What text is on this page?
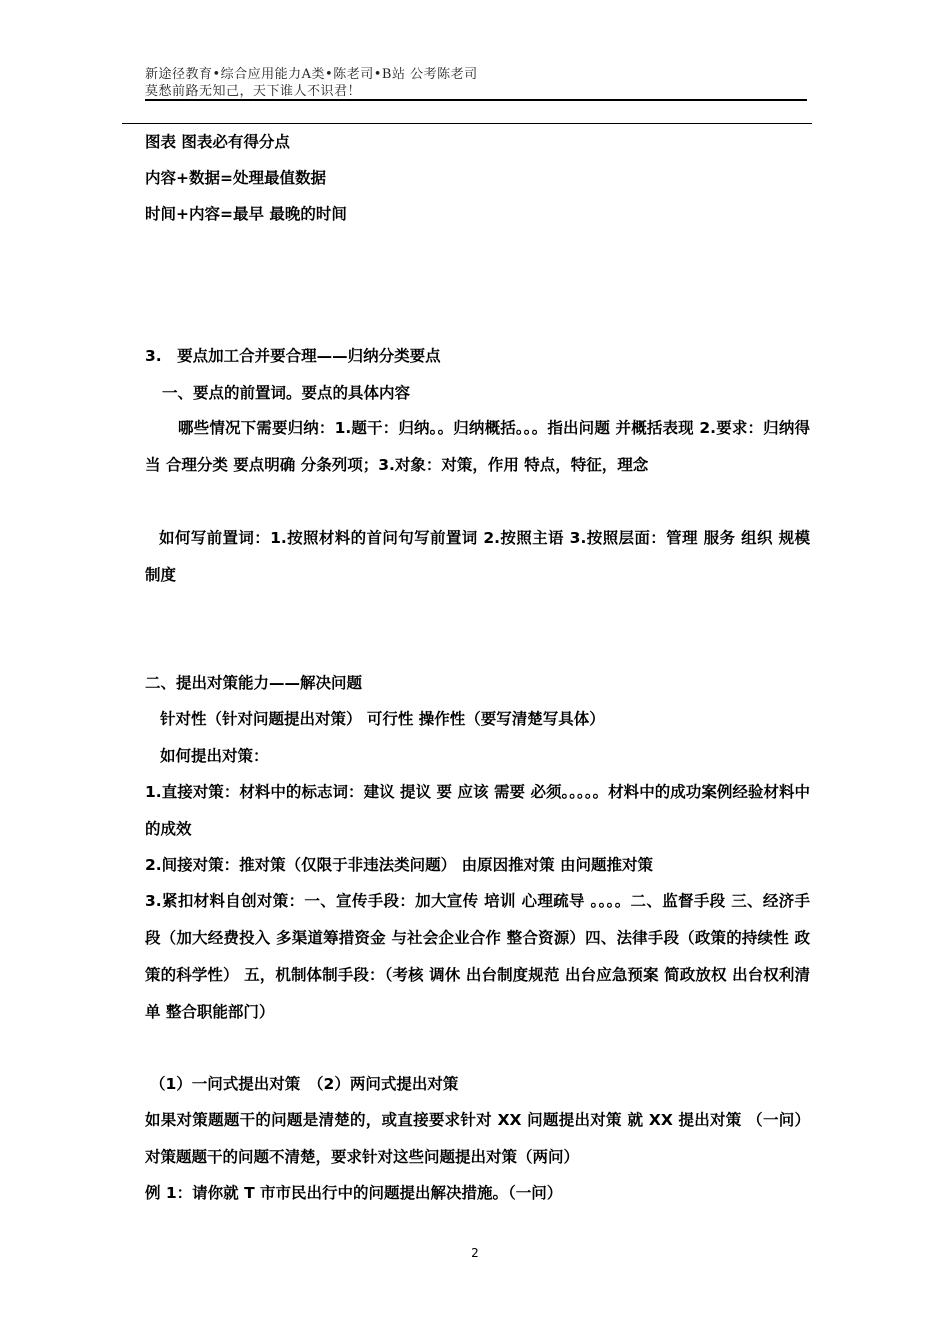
新途径教育•综合应用能力A类•陈老司•B站 公考陈老司
莫愁前路无知己，天下谁人不识君！
图表 图表必有得分点
内容+数据=处理最值数据
时间+内容=最早 最晚的时间
3.　要点加工合并要合理——归纳分类要点
一、要点的前置词。要点的具体内容
哪些情况下需要归纳：1.题干：归纳。。归纳概括。。。指出问题 并概括表现 2.要求：归纳得当 合理分类 要点明确 分条列项；3.对象：对策，作用 特点，特征，理念
如何写前置词：1.按照材料的首问句写前置词 2.按照主语 3.按照层面：管理 服务 组织 规模 制度
二、提出对策能力——解决问题
针对性（针对问题提出对策） 可行性 操作性（要写清楚写具体）
如何提出对策：
1.直接对策：材料中的标志词：建议 提议 要 应该 需要 必须。。。。。材料中的成功案例经验材料中的成效
2.间接对策：推对策（仅限于非违法类问题） 由原因推对策 由问题推对策
3.紧扣材料自创对策：一、宣传手段：加大宣传 培训 心理疏导 。。。。二、监督手段 三、经济手段（加大经费投入 多渠道筹措资金 与社会企业合作 整合资源）四、法律手段（政策的持续性 政策的科学性） 五，机制体制手段：（考核 调休 出台制度规范 出台应急预案 简政放权 出台权利清单 整合职能部门）
（1）一问式提出对策　（2）两问式提出对策
如果对策题题干的问题是清楚的，或直接要求针对 XX 问题提出对策 就 XX 提出对策 （一问） 对策题题干的问题不清楚，要求针对这些问题提出对策（两问）
例 1：请你就 T 市市民出行中的问题提出解决措施。（一问）
2
